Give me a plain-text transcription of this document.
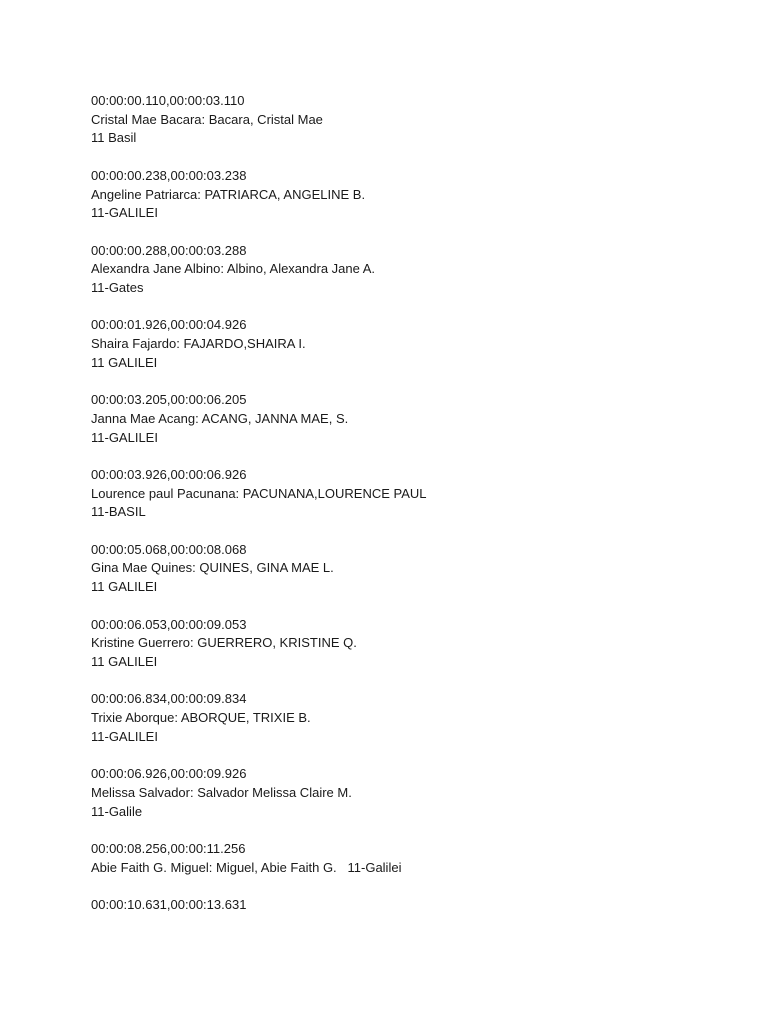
00:00:00.110,00:00:03.110
Cristal Mae Bacara: Bacara, Cristal Mae
11 Basil
00:00:00.238,00:00:03.238
Angeline Patriarca: PATRIARCA, ANGELINE B.
11-GALILEI
00:00:00.288,00:00:03.288
Alexandra Jane Albino: Albino, Alexandra Jane A.
11-Gates
00:00:01.926,00:00:04.926
Shaira Fajardo: FAJARDO,SHAIRA I.
11 GALILEI
00:00:03.205,00:00:06.205
Janna Mae Acang: ACANG, JANNA MAE, S.
11-GALILEI
00:00:03.926,00:00:06.926
Lourence paul Pacunana: PACUNANA,LOURENCE PAUL
11-BASIL
00:00:05.068,00:00:08.068
Gina Mae Quines: QUINES, GINA MAE L.
11 GALILEI
00:00:06.053,00:00:09.053
Kristine Guerrero: GUERRERO, KRISTINE Q.
11 GALILEI
00:00:06.834,00:00:09.834
Trixie Aborque: ABORQUE, TRIXIE B.
11-GALILEI
00:00:06.926,00:00:09.926
Melissa Salvador: Salvador Melissa Claire M.
11-Galile
00:00:08.256,00:00:11.256
Abie Faith G. Miguel: Miguel, Abie Faith G.   11-Galilei
00:00:10.631,00:00:13.631
